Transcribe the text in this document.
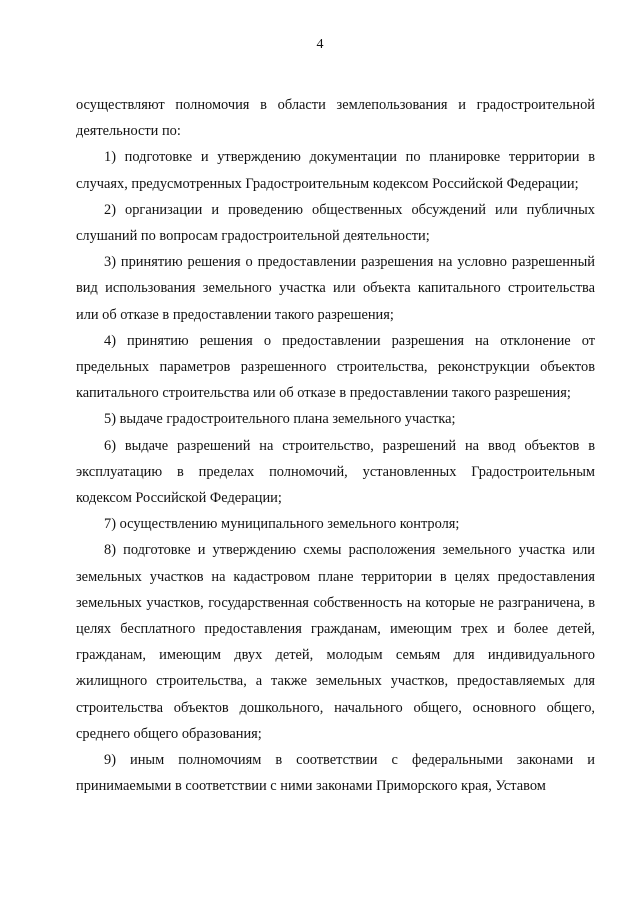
4

осуществляют полномочия в области землепользования и градостроительной деятельности по:

1) подготовке и утверждению документации по планировке территории в случаях, предусмотренных Градостроительным кодексом Российской Федерации;

2) организации и проведению общественных обсуждений или публичных слушаний по вопросам градостроительной деятельности;

3) принятию решения о предоставлении разрешения на условно разрешенный вид использования земельного участка или объекта капитального строительства или об отказе в предоставлении такого разрешения;

4) принятию решения о предоставлении разрешения на отклонение от предельных параметров разрешенного строительства, реконструкции объектов капитального строительства или об отказе в предоставлении такого разрешения;

5) выдаче градостроительного плана земельного участка;

6) выдаче разрешений на строительство, разрешений на ввод объектов в эксплуатацию в пределах полномочий, установленных Градостроительным кодексом Российской Федерации;

7) осуществлению муниципального земельного контроля;

8) подготовке и утверждению схемы расположения земельного участка или земельных участков на кадастровом плане территории в целях предоставления земельных участков, государственная собственность на которые не разграничена, в целях бесплатного предоставления гражданам, имеющим трех и более детей, гражданам, имеющим двух детей, молодым семьям для индивидуального жилищного строительства, а также земельных участков, предоставляемых для строительства объектов дошкольного, начального общего, основного общего, среднего общего образования;

9) иным полномочиям в соответствии с федеральными законами и принимаемыми в соответствии с ними законами Приморского края, Уставом
